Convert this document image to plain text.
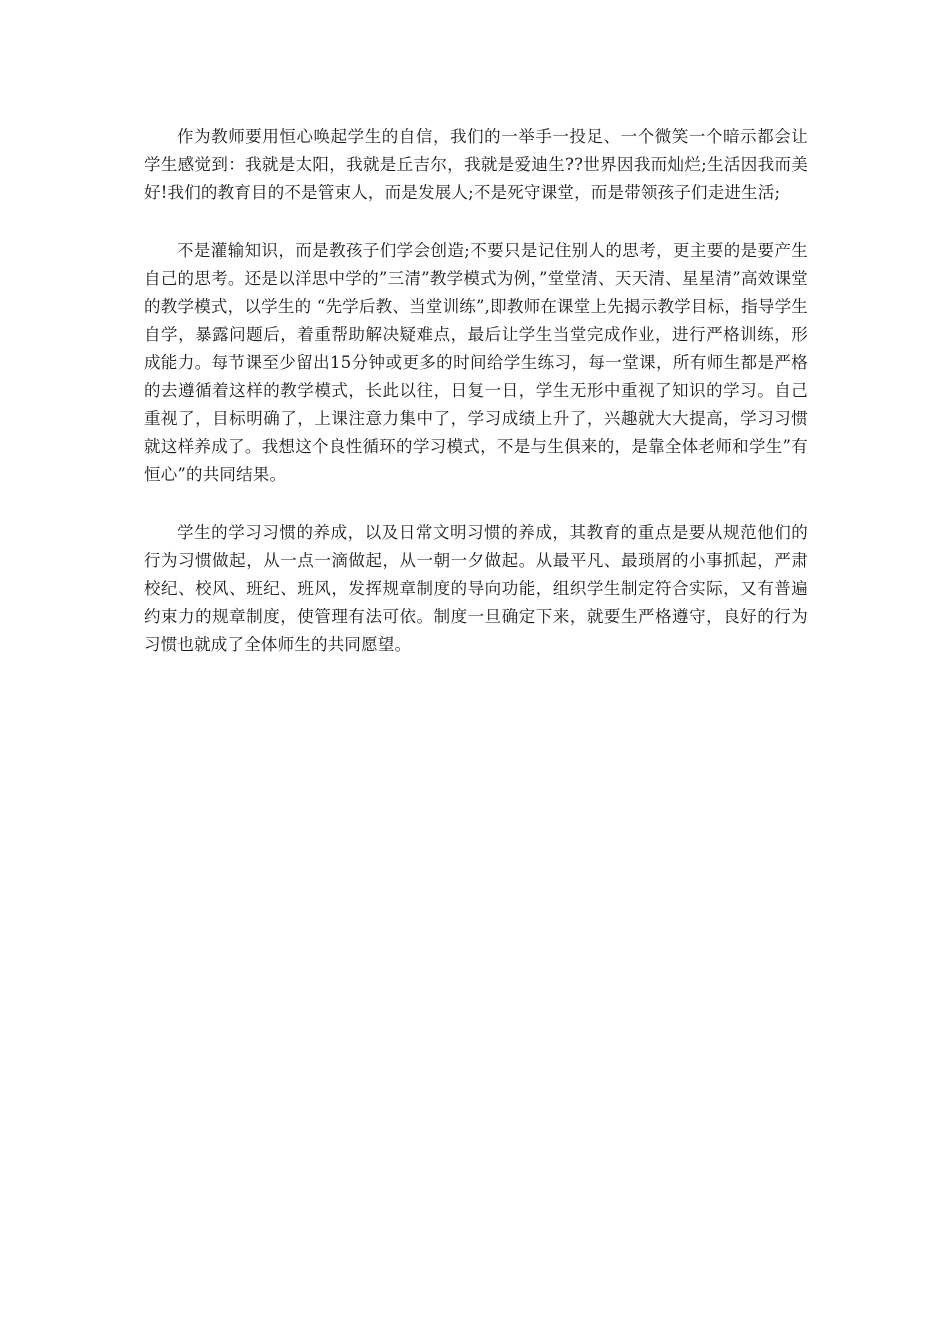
作为教师要用恒心唤起学生的自信，我们的一举手一投足、一个微笑一个暗示都会让学生感觉到：我就是太阳，我就是丘吉尔，我就是爱迪生??世界因我而灿烂;生活因我而美好!我们的教育目的不是管束人，而是发展人;不是死守课堂，而是带领孩子们走进生活;

不是灌输知识，而是教孩子们学会创造;不要只是记住别人的思考，更主要的是要产生自己的思考。还是以洋思中学的”三清”教学模式为例，”堂堂清、天天清、星星清”高效课堂的教学模式，以学生的 “先学后教、当堂训练”,即教师在课堂上先揭示教学目标，指导学生自学，暴露问题后，着重帮助解决疑难点，最后让学生当堂完成作业，进行严格训练，形成能力。每节课至少留出15分钟或更多的时间给学生练习，每一堂课，所有师生都是严格的去遵循着这样的教学模式，长此以往，日复一日，学生无形中重视了知识的学习。自己重视了，目标明确了，上课注意力集中了，学习成绩上升了，兴趣就大大提高，学习习惯就这样养成了。我想这个良性循环的学习模式，不是与生俱来的，是靠全体老师和学生”有恒心”的共同结果。

学生的学习习惯的养成，以及日常文明习惯的养成，其教育的重点是要从规范他们的行为习惯做起，从一点一滴做起，从一朝一夕做起。从最平凡、最琐屑的小事抓起，严肃校纪、校风、班纪、班风，发挥规章制度的导向功能，组织学生制定符合实际，又有普遍约束力的规章制度，使管理有法可依。制度一旦确定下来，就要生严格遵守，良好的行为习惯也就成了全体师生的共同愿望。
